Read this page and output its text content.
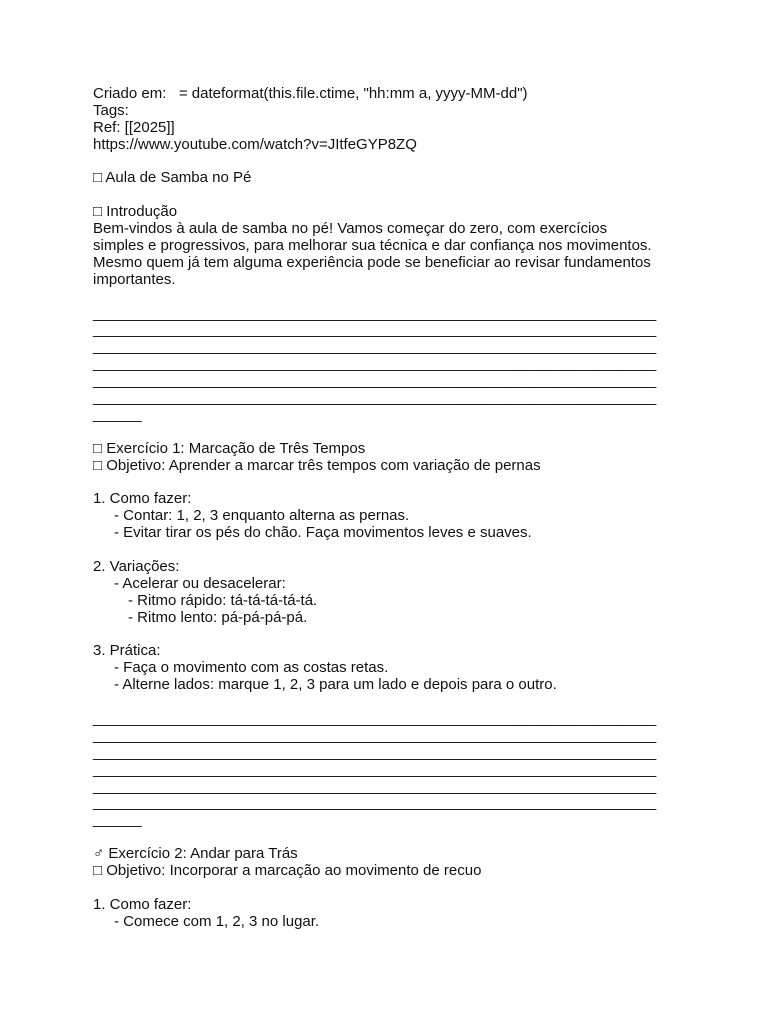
Criado em:   = dateformat(this.file.ctime, "hh:mm a, yyyy-MM-dd")
Tags:
Ref: [[2025]]
https://www.youtube.com/watch?v=JItfeGYP8ZQ
□ Aula de Samba no Pé
□ Introdução
Bem-vindos à aula de samba no pé! Vamos começar do zero, com exercícios
simples e progressivos, para melhorar sua técnica e dar confiança nos movimentos.
Mesmo quem já tem alguma experiência pode se beneficiar ao revisar fundamentos
importantes.
______________________________________________________________________
______________________________________________________________________
______________________________________________________________________
______________________________________________________________________
______________________________________________________________________
______________________________________________________________________
______
□ Exercício 1: Marcação de Três Tempos
□ Objetivo: Aprender a marcar três tempos com variação de pernas
1. Como fazer:
- Contar: 1, 2, 3 enquanto alterna as pernas.
- Evitar tirar os pés do chão. Faça movimentos leves e suaves.
2. Variações:
- Acelerar ou desacelerar:
- Ritmo rápido: tá-tá-tá-tá-tá.
- Ritmo lento: pá-pá-pá-pá.
3. Prática:
- Faça o movimento com as costas retas.
- Alterne lados: marque 1, 2, 3 para um lado e depois para o outro.
______________________________________________________________________
______________________________________________________________________
______________________________________________________________________
______________________________________________________________________
______________________________________________________________________
______________________________________________________________________
______
♂ Exercício 2: Andar para Trás
□ Objetivo: Incorporar a marcação ao movimento de recuo
1. Como fazer:
- Comece com 1, 2, 3 no lugar.
